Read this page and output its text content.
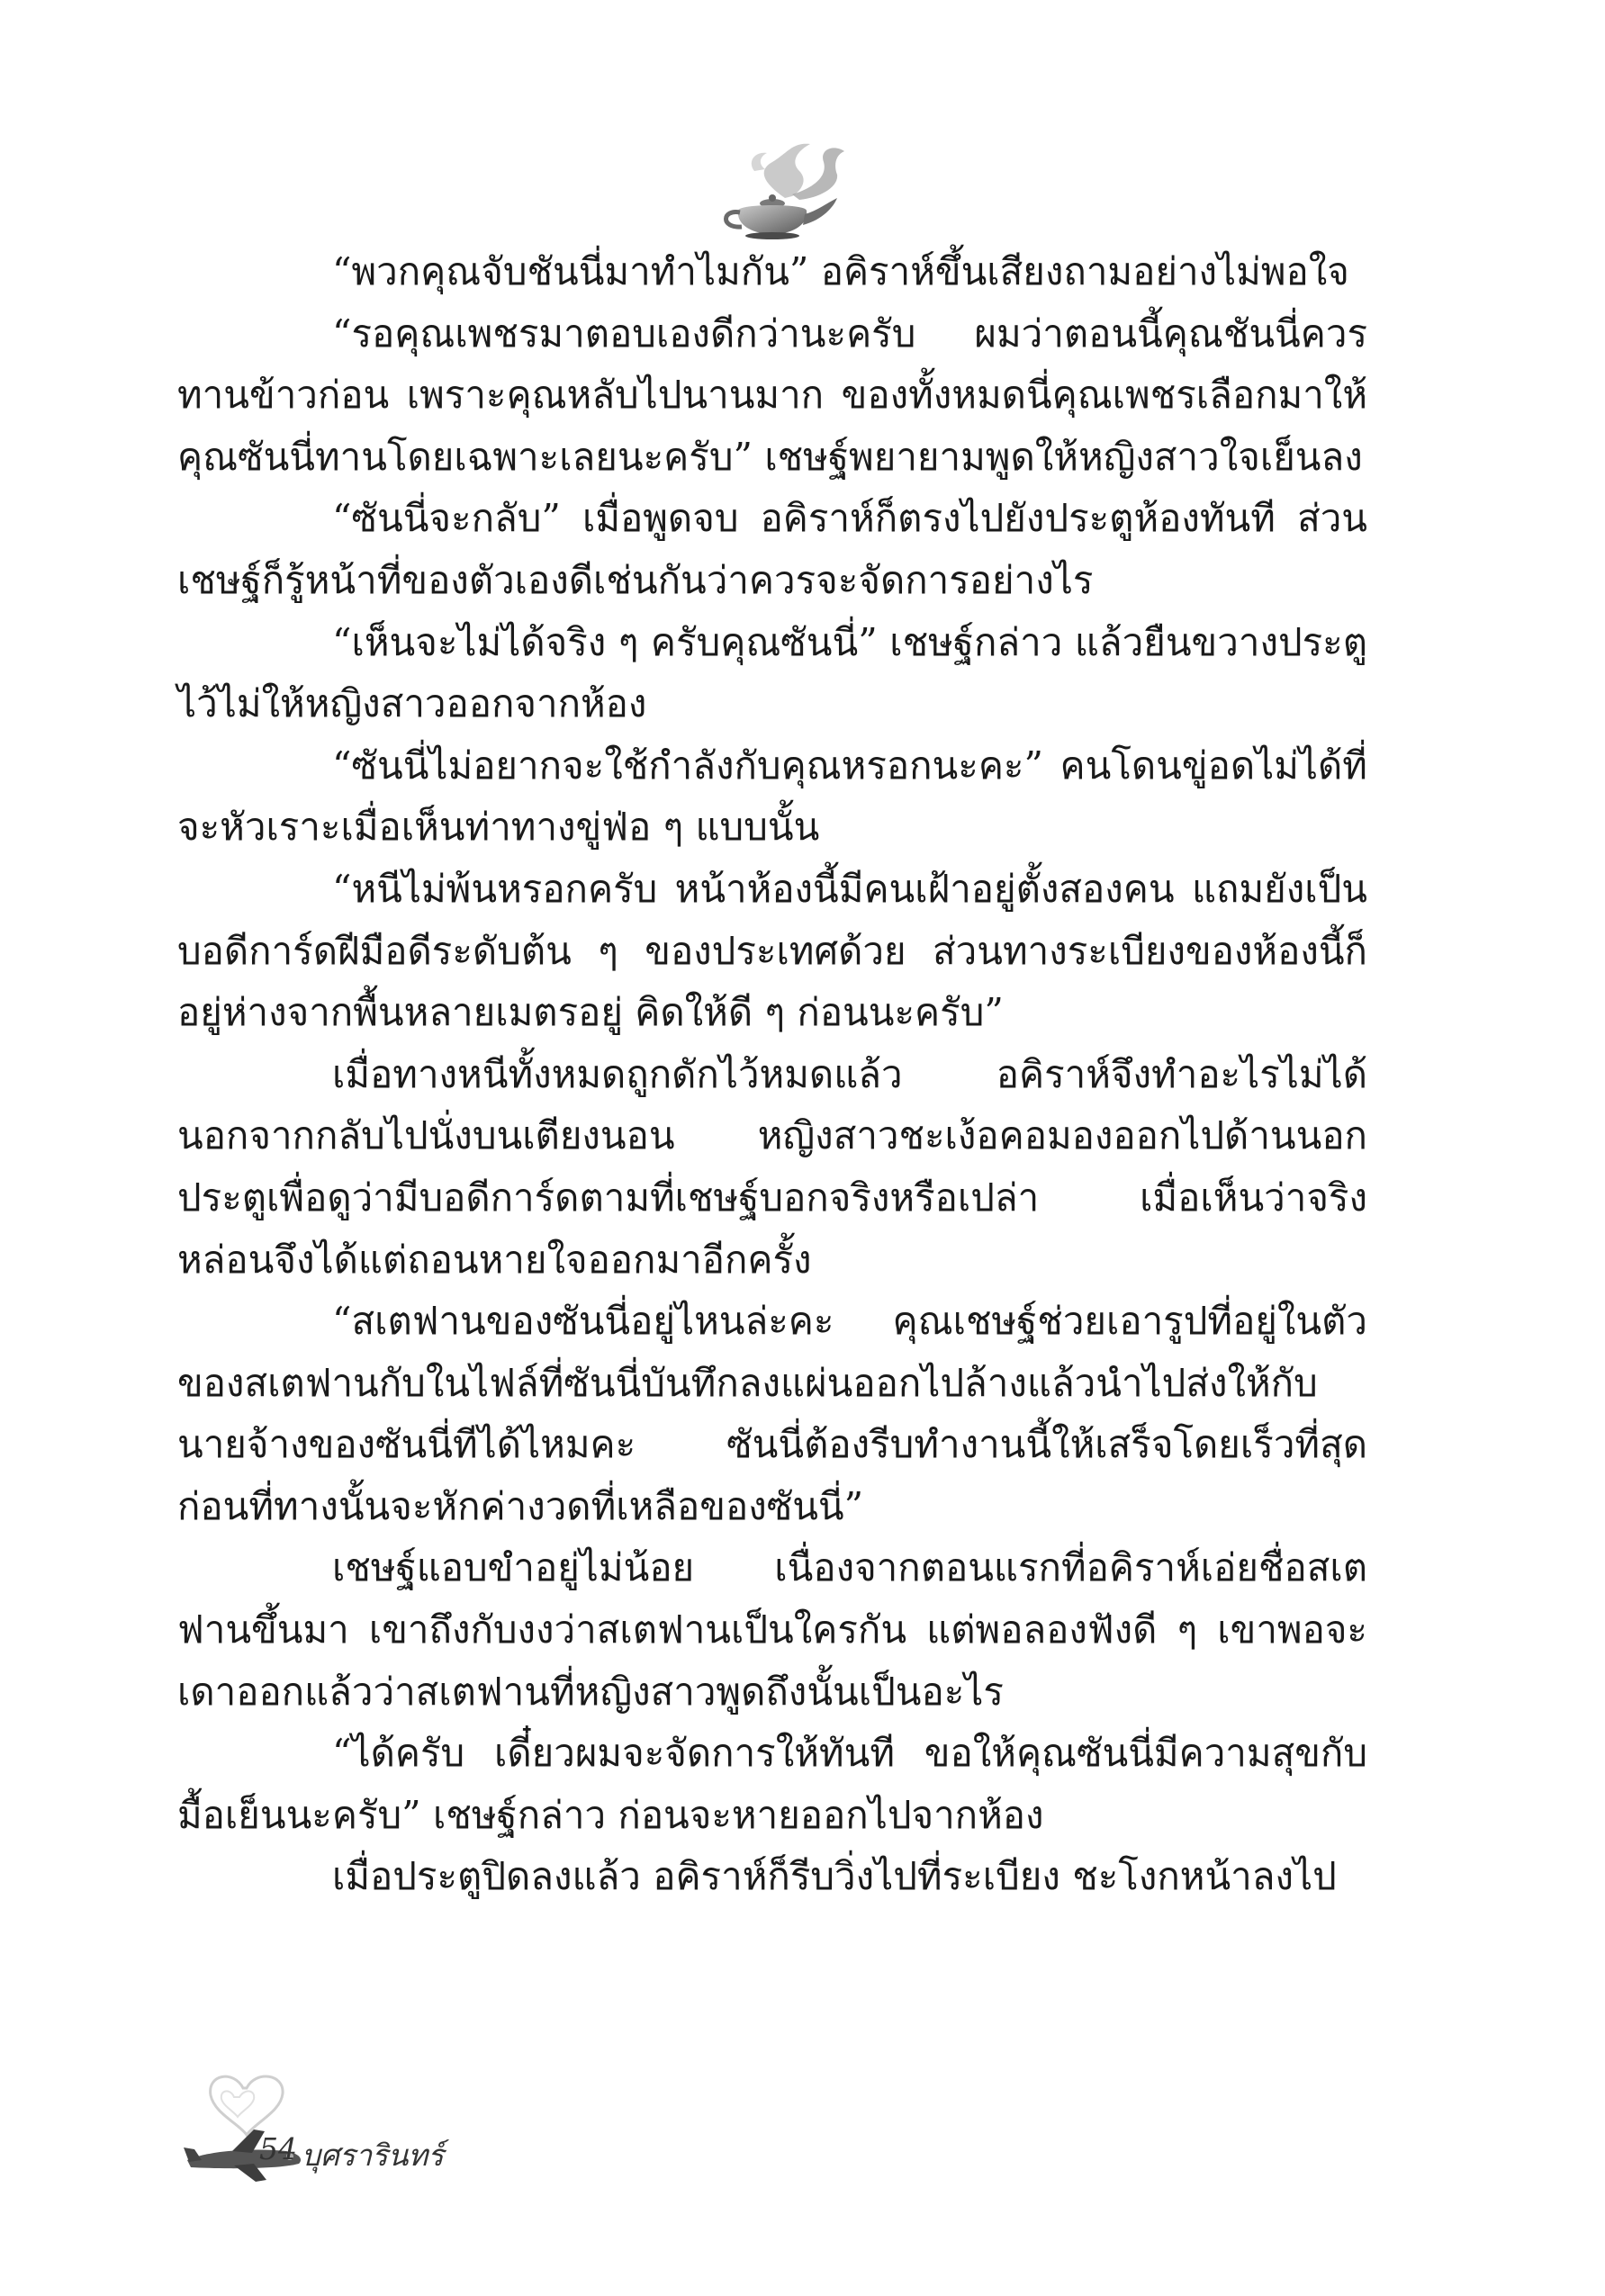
“พวกคุณจับชันนี่มาทำไมกัน” อคิราห์ขึ้นเสียงถามอย่างไม่พอใจ

“รอคุณเพชรมาตอบเองดีกว่านะครับ ผมว่าตอนนี้คุณชันนี่ควรทานข้าวก่อน เพราะคุณหลับไปนานมาก ของทั้งหมดนี่คุณเพชรเลือกมาให้คุณซันนี่ทานโดยเฉพาะเลยนะครับ” เชษฐ์พยายามพูดให้หญิงสาวใจเย็นลง

“ซันนี่จะกลับ” เมื่อพูดจบ อคิราห์ก็ตรงไปยังประตูห้องทันที ส่วนเชษฐ์ก็รู้หน้าที่ของตัวเองดีเช่นกันว่าควรจะจัดการอย่างไร

“เห็นจะไม่ได้จริง ๆ ครับคุณซันนี่” เชษฐ์กล่าว แล้วยืนขวางประตูไว้ไม่ให้หญิงสาวออกจากห้อง

“ซันนี่ไม่อยากจะใช้กำลังกับคุณหรอกนะคะ” คนโดนขู่อดไม่ได้ที่จะหัวเราะเมื่อเห็นท่าทางขู่ฟ่อ ๆ แบบนั้น

“หนีไม่พ้นหรอกครับ หน้าห้องนี้มีคนเฝ้าอยู่ตั้งสองคน แถมยังเป็นบอดีการ์ดฝีมือดีระดับต้น ๆ ของประเทศด้วย ส่วนทางระเบียงของห้องนี้ก็อยู่ห่างจากพื้นหลายเมตรอยู่ คิดให้ดี ๆ ก่อนนะครับ”

เมื่อทางหนีทั้งหมดถูกดักไว้หมดแล้ว อคิราห์จึงทำอะไรไม่ได้นอกจากกลับไปนั่งบนเตียงนอน หญิงสาวชะเง้อคอมองออกไปด้านนอกประตูเพื่อดูว่ามีบอดีการ์ดตามที่เชษฐ์บอกจริงหรือเปล่า เมื่อเห็นว่าจริงหล่อนจึงได้แต่ถอนหายใจออกมาอีกครั้ง

“สเตฟานของซันนี่อยู่ไหนล่ะคะ คุณเชษฐ์ช่วยเอารูปที่อยู่ในตัวของสเตฟานกับในไฟล์ที่ซันนี่บันทึกลงแผ่นออกไปล้างแล้วนำไปส่งให้กับนายจ้างของซันนี่ทีได้ไหมคะ ซันนี่ต้องรีบทำงานนี้ให้เสร็จโดยเร็วที่สุด ก่อนที่ทางนั้นจะหักค่างวดที่เหลือของซันนี่”

เชษฐ์แอบขำอยู่ไม่น้อย เนื่องจากตอนแรกที่อคิราห์เอ่ยชื่อสเตฟานขึ้นมา เขาถึงกับงงว่าสเตฟานเป็นใครกัน แต่พอลองฟังดี ๆ เขาพอจะเดาออกแล้วว่าสเตฟานที่หญิงสาวพูดถึงนั้นเป็นอะไร

“ได้ครับ เดี๋ยวผมจะจัดการให้ทันที ขอให้คุณซันนี่มีความสุขกับมื้อเย็นนะครับ” เชษฐ์กล่าว ก่อนจะหายออกไปจากห้อง

เมื่อประตูปิดลงแล้ว อคิราห์ก็รีบวิ่งไปที่ระเบียง ชะโงกหน้าลงไป

54 บุศรารินทร์
